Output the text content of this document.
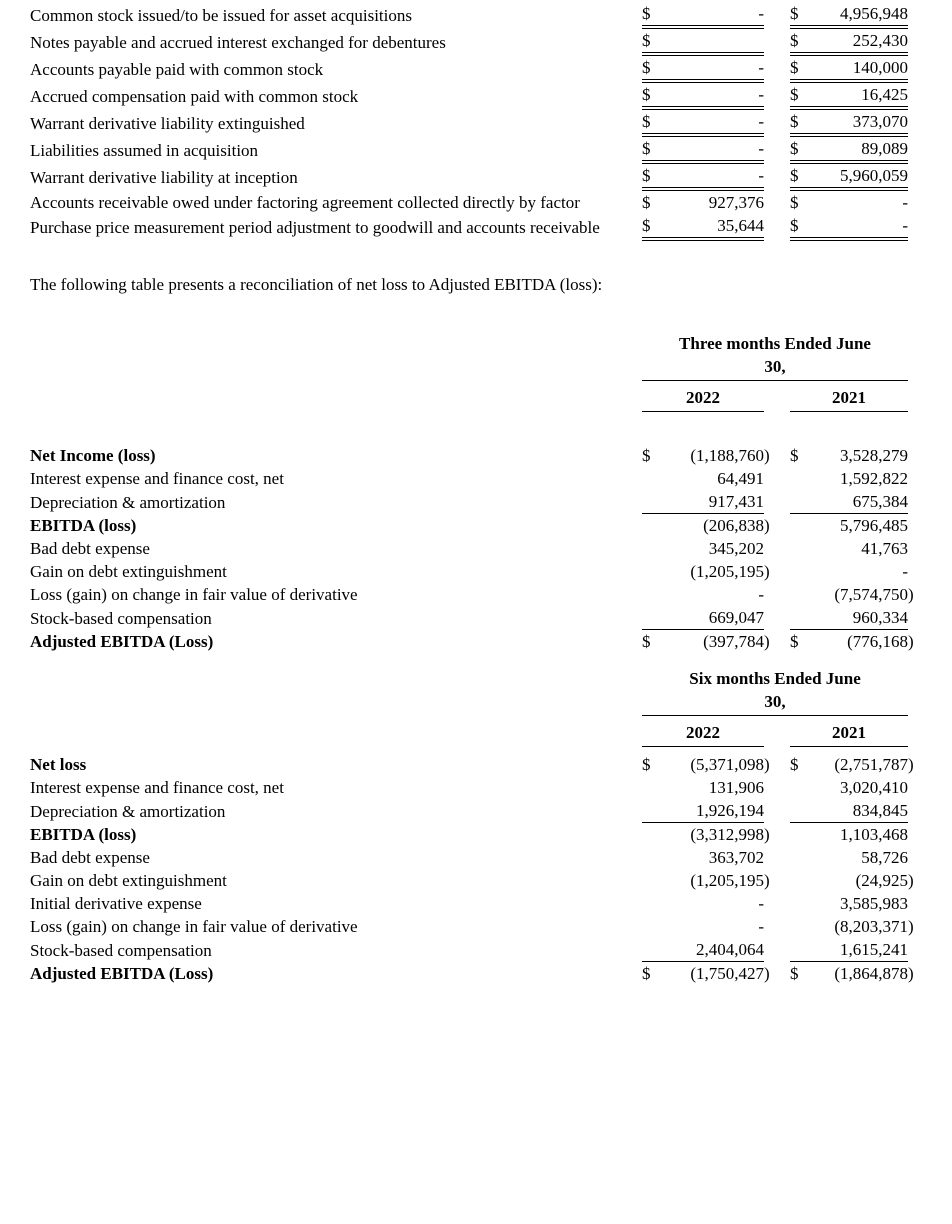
Common stock issued/to be issued for asset acquisitions	$	-			$	4,956,948	
Notes payable and accrued interest exchanged for debentures	$				$	252,430	
Accounts payable paid with common stock	$	-			$	140,000	
Accrued compensation paid with common stock	$	-			$	16,425	
Warrant derivative liability extinguished	$	-			$	373,070	
Liabilities assumed in acquisition	$	-			$	89,089	
Warrant derivative liability at inception	$	-			$	5,960,059	
Accounts receivable owed under factoring agreement collected directly by factor	$	927,376			$	-	
Purchase price measurement period adjustment to goodwill and accounts receivable	$	35,644			$	-	

The following table presents a reconciliation of net loss to Adjusted EBITDA (loss):

	Three months Ended June
30,						
	2022				2021		

Net Income (loss)	$	(1,188,760	)		$	3,528,279	
Interest expense and finance cost, net		64,491				1,592,822	
Depreciation & amortization		917,431				675,384	
EBITDA (loss)		(206,838	)			5,796,485	
Bad debt expense		345,202				41,763	
Gain on debt extinguishment		(1,205,195	)			-	
Loss (gain) on change in fair value of derivative		-				(7,574,750	)
Stock-based compensation		669,047				960,334	
Adjusted EBITDA (Loss)	$	(397,784	)		$	(776,168	)
	Six months Ended June
30,						
	2022				2021		

Net loss	$	(5,371,098	)		$	(2,751,787	)
Interest expense and finance cost, net		131,906				3,020,410	
Depreciation & amortization		1,926,194				834,845	
EBITDA (loss)		(3,312,998	)			1,103,468	
Bad debt expense		363,702				58,726	
Gain on debt extinguishment		(1,205,195	)			(24,925	)
Initial derivative expense		-				3,585,983	
Loss (gain) on change in fair value of derivative		-				(8,203,371	)
Stock-based compensation		2,404,064				1,615,241	
Adjusted EBITDA (Loss)	$	(1,750,427	)		$	(1,864,878	)
